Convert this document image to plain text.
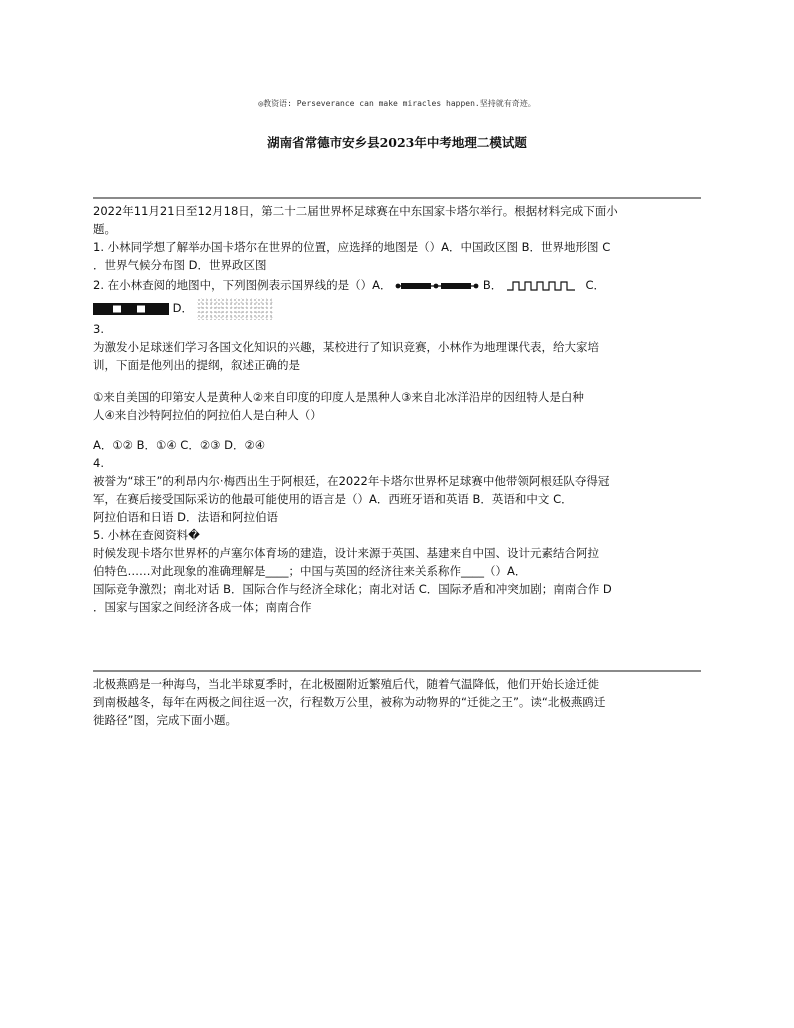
◎教资语: Perseverance can make miracles happen.坚持就有奇迹。
湖南省常德市安乡县2023年中考地理二模试题
2022年11月21日至12月18日，第二十二届世界杯足球赛在中东国家卡塔尔举行。根据材料完成下面小
题。
1. 小林同学想了解举办国卡塔尔在世界的位置，应选择的地图是（）A．中国政区图 B．世界地形图 C
．世界气候分布图 D．世界政区图
2. 在小林查阅的地图中，下列图例表示国界线的是（）A．	B．	C．
D．
3.
为激发小足球迷们学习各国文化知识的兴趣，某校进行了知识竞赛，小林作为地理课代表，给大家培
训，下面是他列出的提纲，叙述正确的是
①来自美国的印第安人是黄种人②来自印度的印度人是黑种人③来自北冰洋沿岸的因纽特人是白种
人④来自沙特阿拉伯的阿拉伯人是白种人（）
A．①② B．①④ C．②③ D．②④
4.
被誉为“球王”的利昂内尔·梅西出生于阿根廷，在2022年卡塔尔世界杯足球赛中他带领阿根廷队夺得冠
军，在赛后接受国际采访的他最可能使用的语言是（）A．西班牙语和英语 B．英语和中文 C．
阿拉伯语和日语 D．法语和阿拉伯语
5. 小林在查阅资料�
时候发现卡塔尔世界杯的卢塞尔体育场的建造，设计来源于英国、基建来自中国、设计元素结合阿拉
伯特色……对此现象的准确理解是____；中国与英国的经济往来关系称作____（）A．
国际竞争激烈；南北对话 B．国际合作与经济全球化；南北对话 C．国际矛盾和冲突加剧；南南合作 D
．国家与国家之间经济各成一体；南南合作
北极燕鸥是一种海鸟，当北半球夏季时，在北极圈附近繁殖后代，随着气温降低，他们开始长途迁徙
到南极越冬，每年在两极之间往返一次，行程数万公里，被称为动物界的“迁徙之王”。读“北极燕鸥迁
徙路径”图，完成下面小题。
